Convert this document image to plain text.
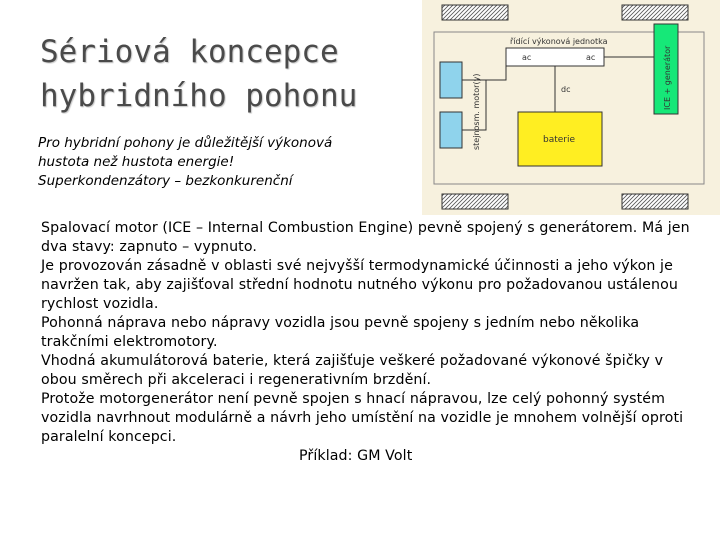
Sériová koncepce
hybridního pohonu
Pro hybridní pohony je důležitější výkonová
hustota než hustota energie!
Superkondenzátory – bezkonkurenční
stejnosm. motor(y)
řídící výkonová jednotka
ac	ac
dc
baterie
ICE + generátor
Spalovací motor (ICE – Internal Combustion Engine) pevně spojený s generátorem. Má jen dva stavy: zapnuto – vypnuto.
Je provozován zásadně v oblasti své nejvyšší termodynamické účinnosti a jeho výkon je navržen tak, aby zajišťoval střední hodnotu nutného výkonu pro požadovanou ustálenou rychlost vozidla.
Pohonná náprava nebo nápravy vozidla jsou pevně spojeny s jedním nebo několika trakčními elektromotory.
Vhodná akumulátorová baterie, která zajišťuje veškeré požadované výkonové špičky v obou směrech při akceleraci i regenerativním brzdění.
Protože motorgenerátor není pevně spojen s hnací nápravou, lze celý pohonný systém vozidla navrhnout modulárně a návrh jeho umístění na vozidle je mnohem volnější oproti paralelní koncepci.
Příklad: GM Volt
